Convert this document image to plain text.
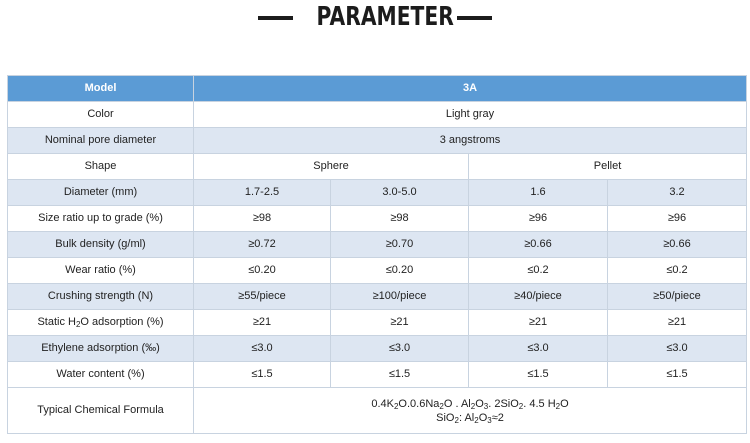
PARAMETER
Model	3A			
Color	Light gray			
Nominal pore diameter	3 angstroms			
Shape	Sphere		Pellet	
Diameter (mm)	1.7-2.5	3.0-5.0	1.6	3.2
Size ratio up to grade (%)	≥98	≥98	≥96	≥96
Bulk density (g/ml)	≥0.72	≥0.70	≥0.66	≥0.66
Wear ratio (%)	≤0.20	≤0.20	≤0.2	≤0.2
Crushing strength (N)	≥55/piece	≥100/piece	≥40/piece	≥50/piece
Static $H_2O$ adsorption (%)	≥21	≥21	≥21	≥21
Ethylene adsorption (‰)	≤3.0	≤3.0	≤3.0	≤3.0
Water content (%)	≤1.5	≤1.5	≤1.5	≤1.5
Typical Chemical Formula	$0.4K_2O.0.6Na_2O$ . $Al_2O_3$. 2SiO$_2$. 4.5 $H_2O$
SiO$_2$: $Al_2O_3\approx 2$			
